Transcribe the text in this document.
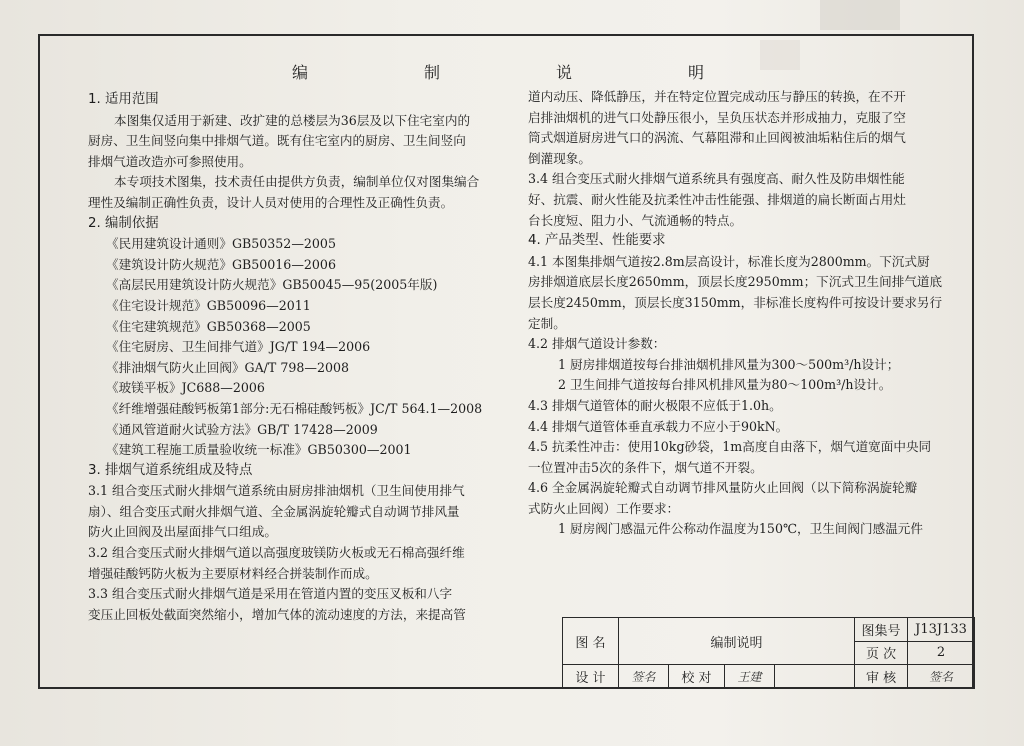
编　　制　　说　　明

1. 适用范围

本图集仅适用于新建、改扩建的总楼层为36层及以下住宅室内的

厨房、卫生间竖向集中排烟气道。既有住宅室内的厨房、卫生间竖向

排烟气道改造亦可参照使用。

本专项技术图集，技术责任由提供方负责，编制单位仅对图集编合

理性及编制正确性负责，设计人员对使用的合理性及正确性负责。

2. 编制依据

《民用建筑设计通则》GB50352—2005

《建筑设计防火规范》GB50016—2006

《高层民用建筑设计防火规范》GB50045—95(2005年版)

《住宅设计规范》GB50096—2011

《住宅建筑规范》GB50368—2005

《住宅厨房、卫生间排气道》JG/T 194—2006

《排油烟气防火止回阀》GA/T 798—2008

《玻镁平板》JC688—2006

《纤维增强硅酸钙板第1部分:无石棉硅酸钙板》JC/T 564.1—2008

《通风管道耐火试验方法》GB/T 17428—2009

《建筑工程施工质量验收统一标准》GB50300—2001

3. 排烟气道系统组成及特点

3.1 组合变压式耐火排烟气道系统由厨房排油烟机（卫生间使用排气

扇）、组合变压式耐火排烟气道、全金属涡旋轮瓣式自动调节排风量

防火止回阀及出屋面排气口组成。

3.2 组合变压式耐火排烟气道以高强度玻镁防火板或无石棉高强纤维

增强硅酸钙防火板为主要原材料经合拼装制作而成。

3.3 组合变压式耐火排烟气道是采用在管道内置的变压叉板和八字

变压止回板处截面突然缩小，增加气体的流动速度的方法，来提高管

道内动压、降低静压，并在特定位置完成动压与静压的转换，在不开

启排油烟机的进气口处静压很小，呈负压状态并形成抽力，克服了空

筒式烟道厨房进气口的涡流、气幕阻滞和止回阀被油垢粘住后的烟气

倒灌现象。

3.4 组合变压式耐火排烟气道系统具有强度高、耐久性及防串烟性能

好、抗震、耐火性能及抗柔性冲击性能强、排烟道的扁长断面占用灶

台长度短、阻力小、气流通畅的特点。

4. 产品类型、性能要求

4.1 本图集排烟气道按2.8m层高设计，标准长度为2800mm。下沉式厨

房排烟道底层长度2650mm，顶层长度2950mm；下沉式卫生间排气道底

层长度2450mm，顶层长度3150mm，非标准长度构件可按设计要求另行

定制。

4.2 排烟气道设计参数：

1 厨房排烟道按每台排油烟机排风量为300～500m³/h设计；

2 卫生间排气道按每台排风机排风量为80～100m³/h设计。

4.3 排烟气道管体的耐火极限不应低于1.0h。

4.4 排烟气道管体垂直承载力不应小于90kN。

4.5 抗柔性冲击：使用10kg砂袋，1m高度自由落下，烟气道宽面中央同

一位置冲击5次的条件下，烟气道不开裂。

4.6 全金属涡旋轮瓣式自动调节排风量防火止回阀（以下简称涡旋轮瓣

式防火止回阀）工作要求：

1 厨房阀门感温元件公称动作温度为150℃，卫生间阀门感温元件

图 名	编制说明				图集号	J13J133
					页 次	2
设 计	签名	校 对	王建		审 核	签名
